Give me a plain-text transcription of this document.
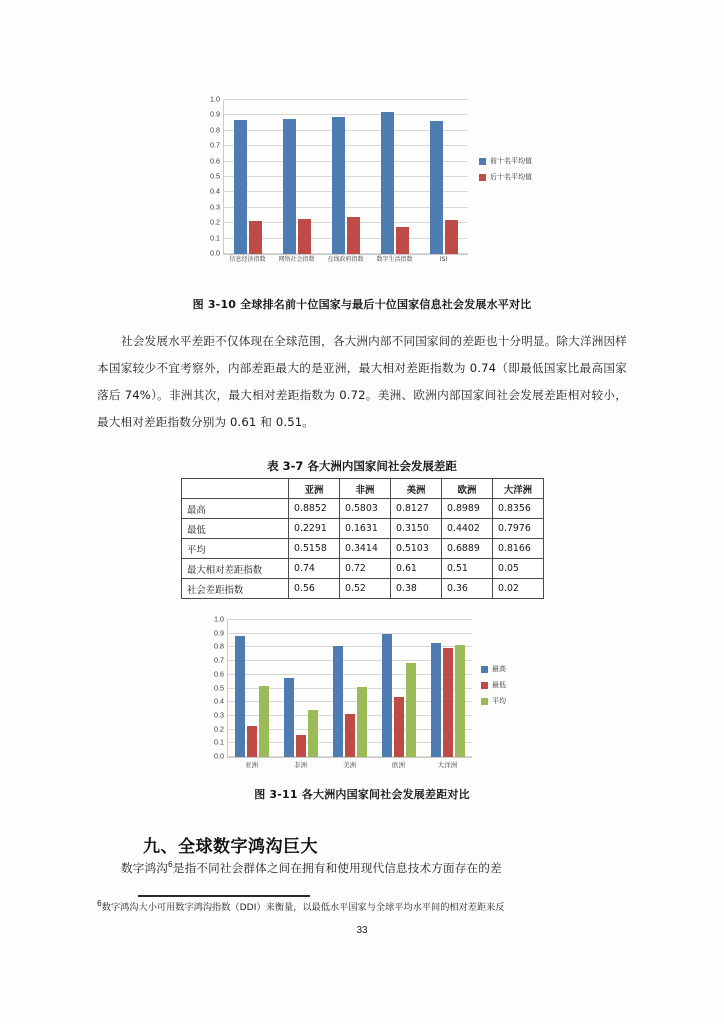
0.0
0.1
0.2
0.3
0.4
0.5
0.6
0.7
0.8
0.9
1.0
信息经济指数	网络社会指数	在线政府指数	数字生活指数	ISI
前十名平均值
后十名平均值
图 3-10 全球排名前十位国家与最后十位国家信息社会发展水平对比
社会发展水平差距不仅体现在全球范围，各大洲内部不同国家间的差距也十分明显。除大洋洲因样本国家较少不宜考察外，内部差距最大的是亚洲，最大相对差距指数为 0.74（即最低国家比最高国家落后 74%）。非洲其次，最大相对差距指数为 0.72。美洲、欧洲内部国家间社会发展差距相对较小，最大相对差距指数分别为 0.61 和 0.51。
表 3-7 各大洲内国家间社会发展差距
	亚洲	非洲	美洲	欧洲	大洋洲
最高	0.8852	0.5803	0.8127	0.8989	0.8356
最低	0.2291	0.1631	0.3150	0.4402	0.7976
平均	0.5158	0.3414	0.5103	0.6889	0.8166
最大相对差距指数	0.74	0.72	0.61	0.51	0.05
社会差距指数	0.56	0.52	0.38	0.36	0.02
0.0
0.1
0.2
0.3
0.4
0.5
0.6
0.7
0.8
0.9
1.0
亚洲	非洲	美洲	欧洲	大洋洲
最高
最低
平均
图 3-11 各大洲内国家间社会发展差距对比
九、全球数字鸿沟巨大
数字鸿沟$^6$是指不同社会群体之间在拥有和使用现代信息技术方面存在的差
$^6$数字鸿沟大小可用数字鸿沟指数（DDI）来衡量，以最低水平国家与全球平均水平间的相对差距来反
33
